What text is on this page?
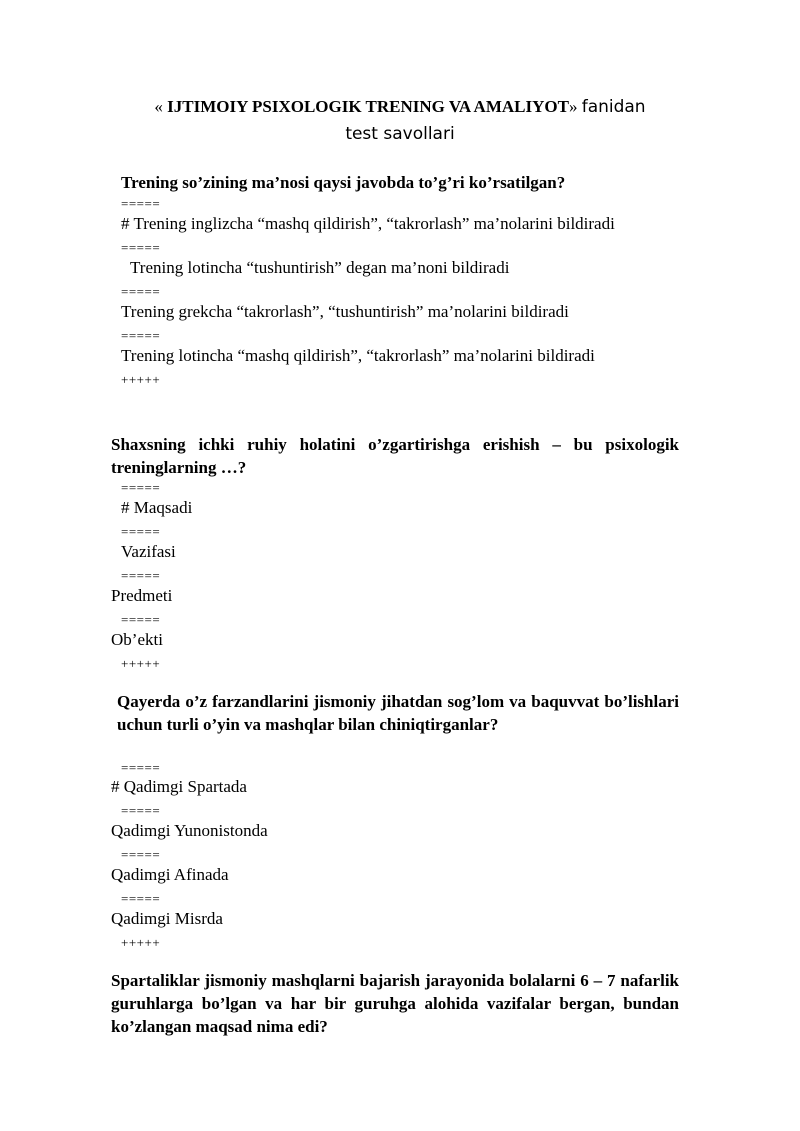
« IJTIMOIY PSIXOLOGIK TRENING VA AMALIYOT» fanidan
test savollari
Trening so’zining ma’nosi qaysi javobda to’g’ri ko’rsatilgan?
=====
# Trening inglizcha “mashq qildirish”, “takrorlash” ma’nolarini bildiradi
=====
Trening lotincha “tushuntirish” degan ma’noni bildiradi
=====
Trening grekcha “takrorlash”, “tushuntirish” ma’nolarini bildiradi
=====
Trening lotincha “mashq qildirish”, “takrorlash” ma’nolarini bildiradi
+++++
Shaxsning ichki ruhiy holatini o’zgartirishga erishish – bu psixologik treninglarning …?
=====
# Maqsadi
=====
Vazifasi
=====
Predmeti
=====
Ob’ekti
+++++
Qayerda o’z farzandlarini jismoniy jihatdan sog’lom va baquvvat bo’lishlari uchun turli o’yin va mashqlar bilan chiniqtirganlar?
=====
# Qadimgi Spartada
=====
Qadimgi Yunonistonda
=====
Qadimgi Afinada
=====
Qadimgi Misrda
+++++
Spartaliklar jismoniy mashqlarni bajarish jarayonida bolalarni 6 – 7 nafarlik guruhlarga bo’lgan va har bir guruhga alohida vazifalar bergan, bundan ko’zlangan maqsad nima edi?
